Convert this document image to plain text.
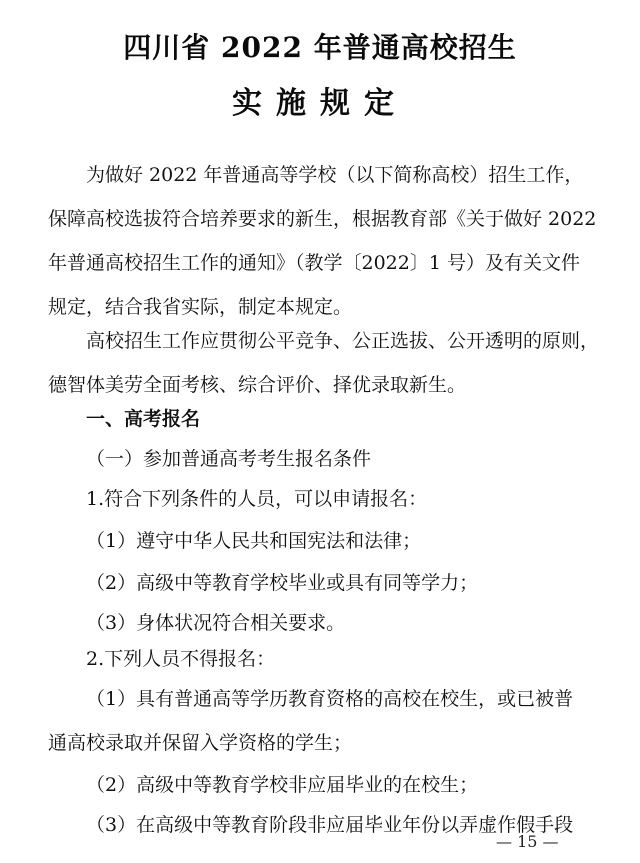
四川省 2022 年普通高校招生
实施规定
为做好 2022 年普通高等学校（以下简称高校）招生工作，
保障高校选拔符合培养要求的新生，根据教育部《关于做好 2022
年普通高校招生工作的通知》（教学〔2022〕1 号）及有关文件
规定，结合我省实际，制定本规定。
高校招生工作应贯彻公平竞争、公正选拔、公开透明的原则，
德智体美劳全面考核、综合评价、择优录取新生。
一、高考报名
（一）参加普通高考考生报名条件
1.符合下列条件的人员，可以申请报名：
（1）遵守中华人民共和国宪法和法律；
（2）高级中等教育学校毕业或具有同等学力；
（3）身体状况符合相关要求。
2.下列人员不得报名：
（1）具有普通高等学历教育资格的高校在校生，或已被普
通高校录取并保留入学资格的学生；
（2）高级中等教育学校非应届毕业的在校生；
（3）在高级中等教育阶段非应届毕业年份以弄虚作假手段
— 15 —
